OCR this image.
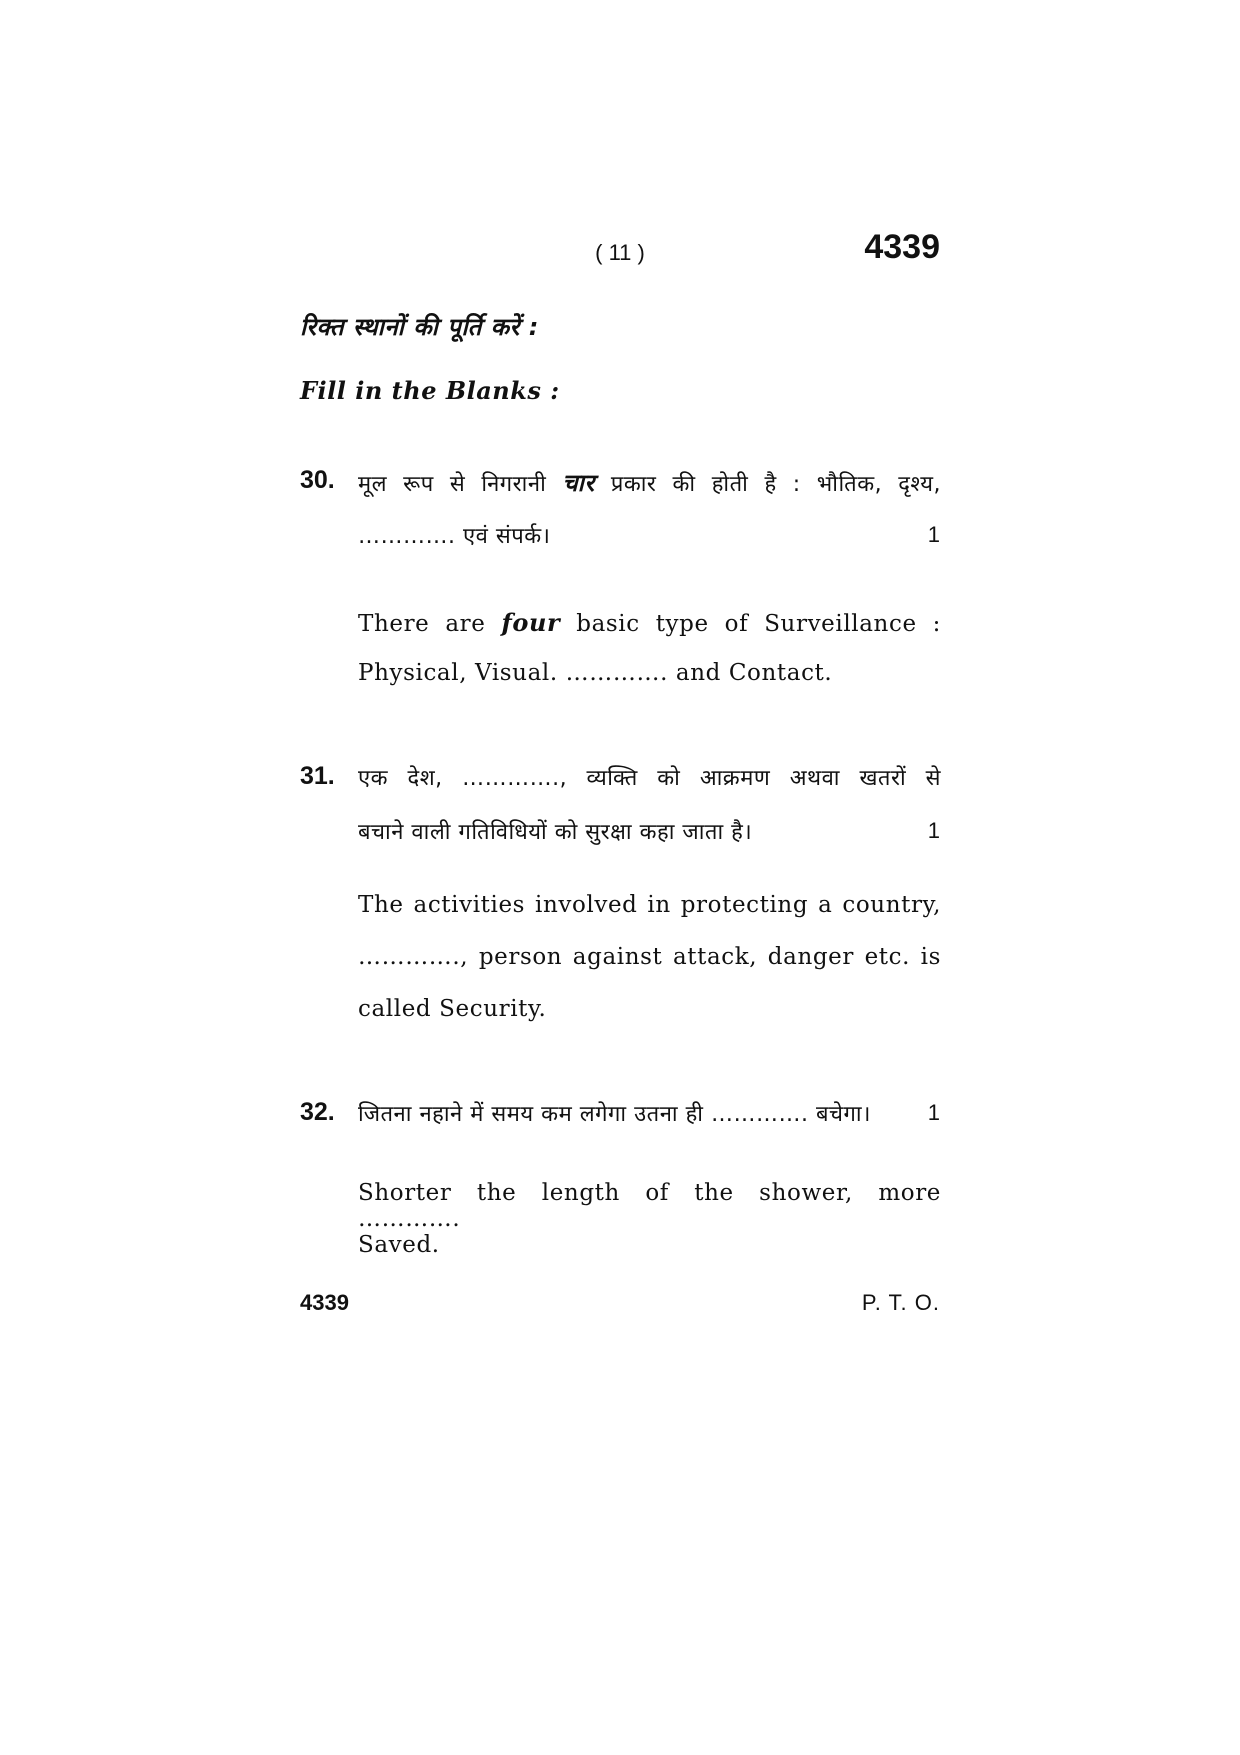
( 11 )	4339
रिक्त स्थानों की पूर्ति करें :
Fill in the Blanks :
30. मूल रूप से निगरानी चार प्रकार की होती है : भौतिक, दृश्य,
…………. एवं संपर्क।	1
There are four basic type of Surveillance :
Physical, Visual. …………. and Contact.
31. एक देश, …………., व्यक्ति को आक्रमण अथवा खतरों से
बचाने वाली गतिविधियों को सुरक्षा कहा जाता है।	1
The activities involved in protecting a country,
…………., person against attack, danger etc. is
called Security.
32. जितना नहाने में समय कम लगेगा उतना ही …………. बचेगा।	1
Shorter the length of the shower, more ………….
Saved.
4339	P. T. O.
